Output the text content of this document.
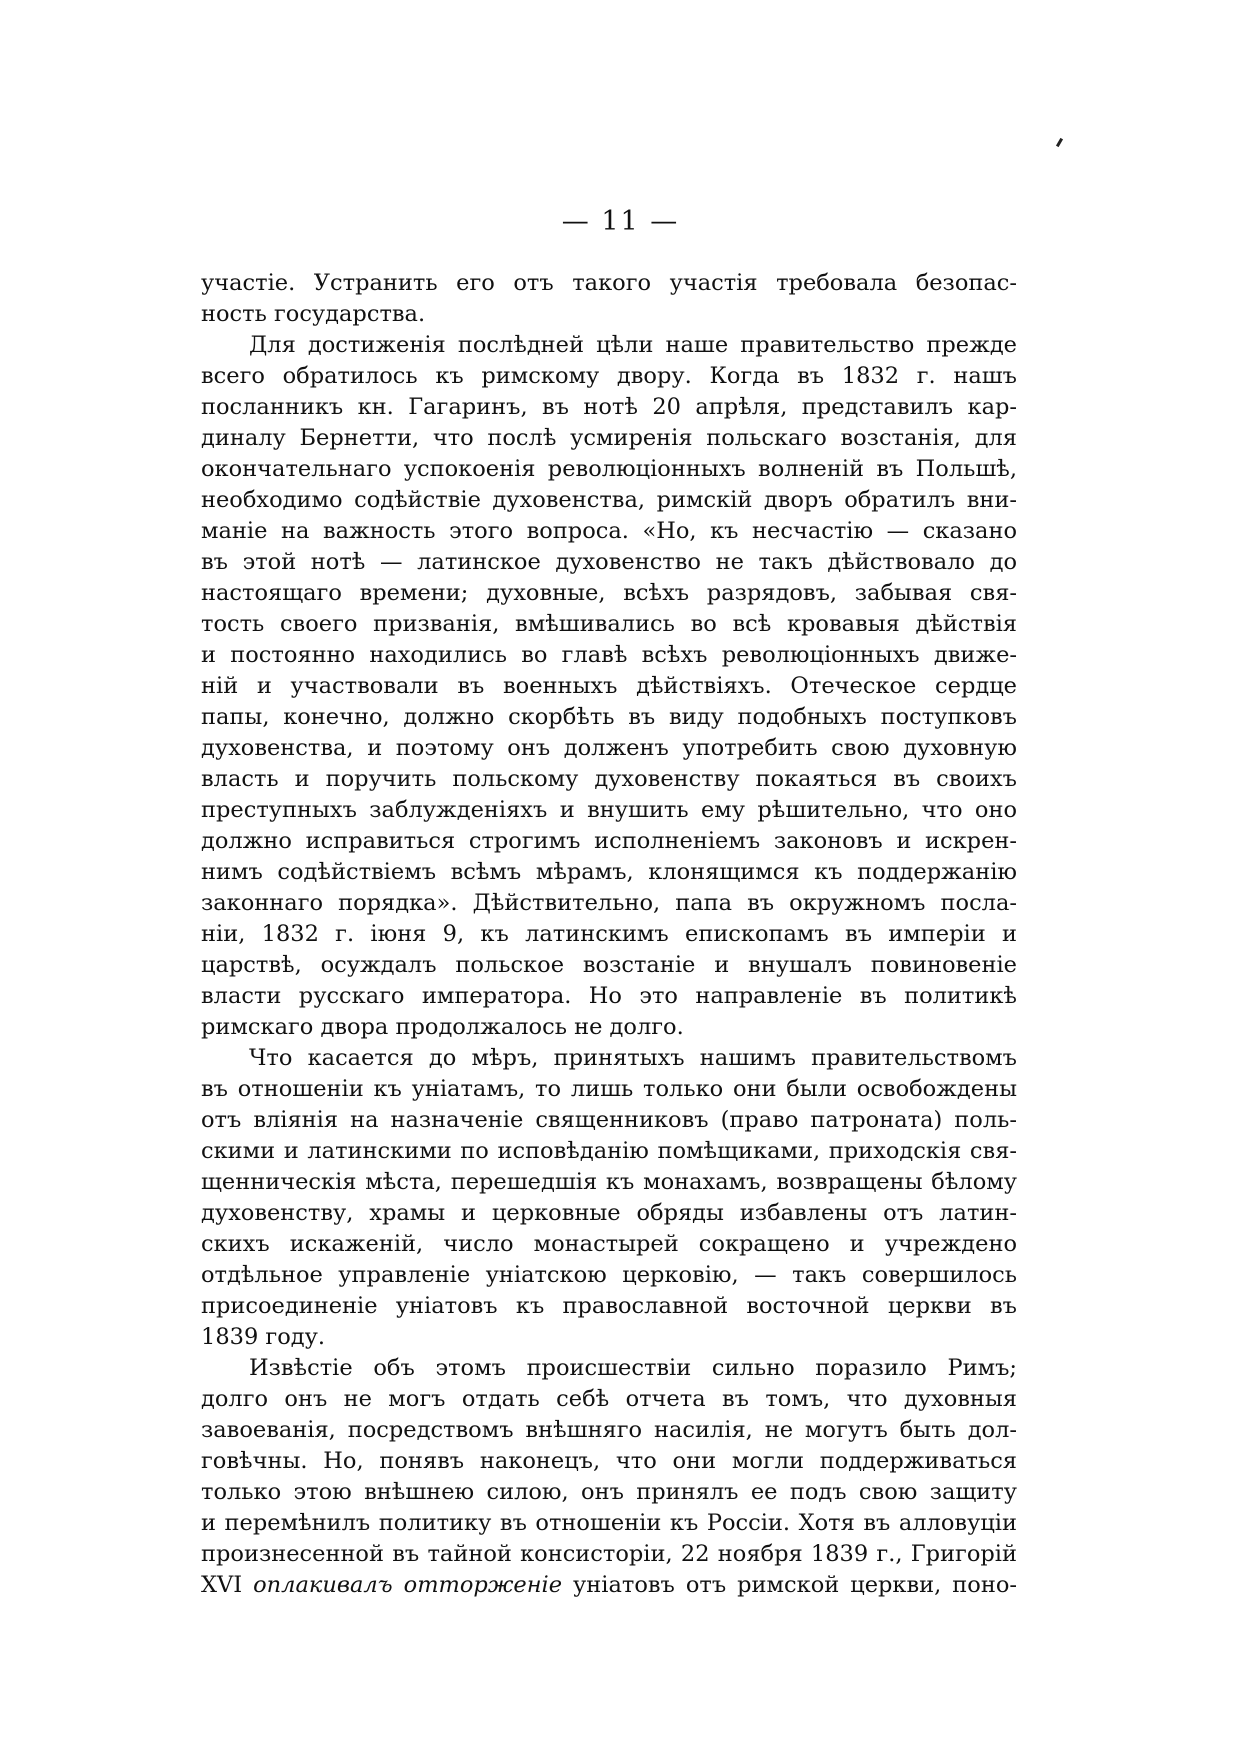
— 11 —
участіе. Устранить его отъ такого участія требовала безопас-
ность государства.
Для достиженія послѣдней цѣли наше правительство прежде
всего обратилось къ римскому двору. Когда въ 1832 г. нашъ
посланникъ кн. Гагаринъ, въ нотѣ 20 апрѣля, представилъ кар-
диналу Бернетти, что послѣ усмиренія польскаго возстанія, для
окончательнаго успокоенія революціонныхъ волненій въ Польшѣ,
необходимо содѣйствіе духовенства, римскій дворъ обратилъ вни-
маніе на важность этого вопроса. «Но, къ несчастію — сказано
въ этой нотѣ — латинское духовенство не такъ дѣйствовало до
настоящаго времени; духовные, всѣхъ разрядовъ, забывая свя-
тость своего призванія, вмѣшивались во всѣ кровавыя дѣйствія
и постоянно находились во главѣ всѣхъ революціонныхъ движе-
ній и участвовали въ военныхъ дѣйствіяхъ. Отеческое сердце
папы, конечно, должно скорбѣть въ виду подобныхъ поступковъ
духовенства, и поэтому онъ долженъ употребить свою духовную
власть и поручить польскому духовенству покаяться въ своихъ
преступныхъ заблужденіяхъ и внушить ему рѣшительно, что оно
должно исправиться строгимъ исполненіемъ законовъ и искрен-
нимъ содѣйствіемъ всѣмъ мѣрамъ, клонящимся къ поддержанію
законнаго порядка». Дѣйствительно, папа въ окружномъ посла-
ніи, 1832 г. іюня 9, къ латинскимъ епископамъ въ имперіи и
царствѣ, осуждалъ польское возстаніе и внушалъ повиновеніе
власти русскаго императора. Но это направленіе въ политикѣ
римскаго двора продолжалось не долго.
Что касается до мѣръ, принятыхъ нашимъ правительствомъ
въ отношеніи къ уніатамъ, то лишь только они были освобождены
отъ вліянія на назначеніе священниковъ (право патроната) поль-
скими и латинскими по исповѣданію помѣщиками, приходскія свя-
щенническія мѣста, перешедшія къ монахамъ, возвращены бѣлому
духовенству, храмы и церковные обряды избавлены отъ латин-
скихъ искаженій, число монастырей сокращено и учреждено
отдѣльное управленіе уніатскою церковію, — такъ совершилось
присоединеніе уніатовъ къ православной восточной церкви въ
1839 году.
Извѣстіе объ этомъ происшествіи сильно поразило Римъ;
долго онъ не могъ отдать себѣ отчета въ томъ, что духовныя
завоеванія, посредствомъ внѣшняго насилія, не могутъ быть дол-
говѣчны. Но, понявъ наконецъ, что они могли поддерживаться
только этою внѣшнею силою, онъ принялъ ее подъ свою защиту
и перемѣнилъ политику въ отношеніи къ Россіи. Хотя въ алловуціи
произнесенной въ тайной консисторіи, 22 ноября 1839 г., Григорій
XVI оплакивалъ отторженіе уніатовъ отъ римской церкви, поно-
